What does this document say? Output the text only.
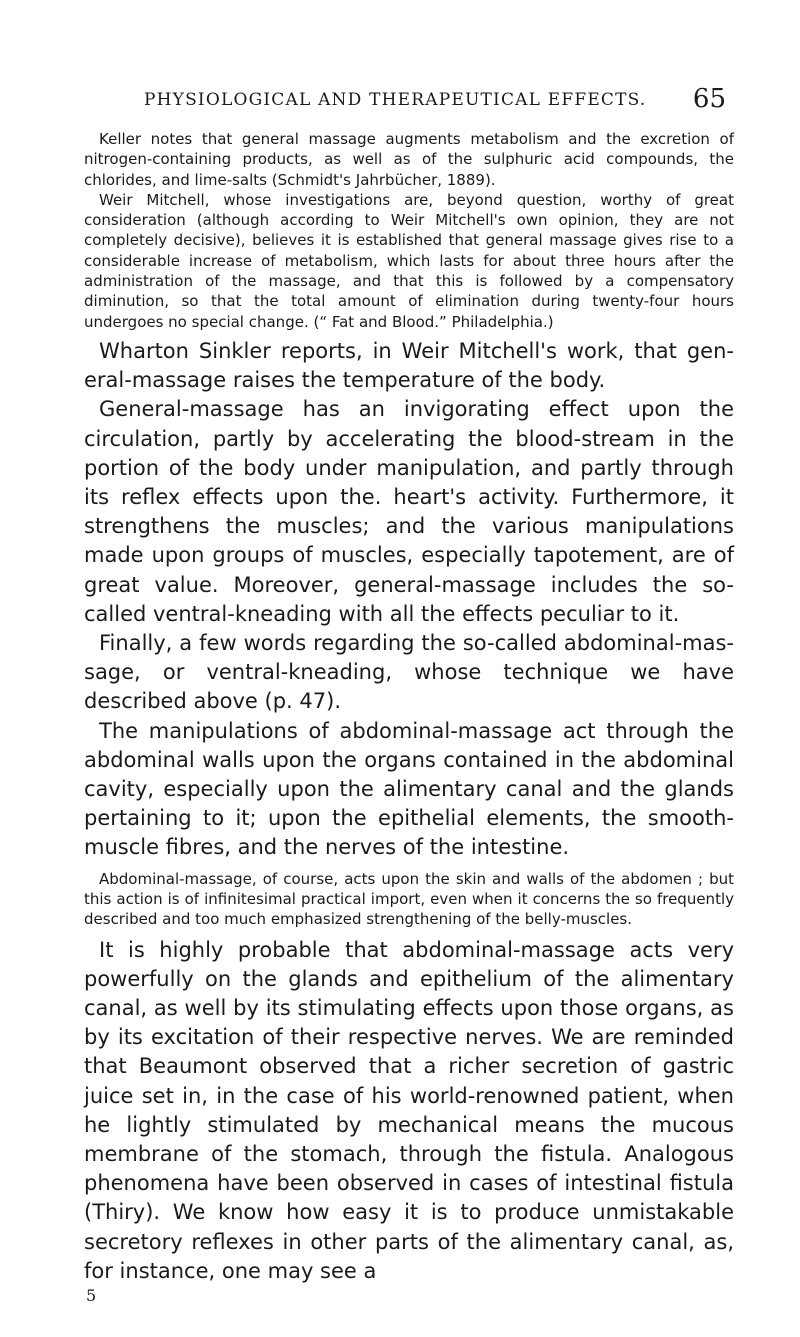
PHYSIOLOGICAL AND THERAPEUTICAL EFFECTS. 65

Keller notes that general massage augments metabolism and the excretion of nitrogen-containing products, as well as of the sulphuric acid compounds, the chlorides, and lime-salts (Schmidt's Jahrbücher, 1889).

Weir Mitchell, whose investigations are, beyond question, worthy of great consideration (although according to Weir Mitchell's own opinion, they are not completely decisive), believes it is established that general massage gives rise to a considerable increase of metabolism, which lasts for about three hours after the administration of the massage, and that this is followed by a compensatory diminution, so that the total amount of elimination during twenty-four hours undergoes no special change. (“ Fat and Blood.” Philadelphia.)

Wharton Sinkler reports, in Weir Mitchell's work, that general-massage raises the temperature of the body.

General-massage has an invigorating effect upon the circulation, partly by accelerating the blood-stream in the portion of the body under manipulation, and partly through its reflex effects upon the. heart's activity. Furthermore, it strengthens the muscles; and the various manipulations made upon groups of muscles, especially tapotement, are of great value. Moreover, general-massage includes the so-called ventral-kneading with all the effects peculiar to it.

Finally, a few words regarding the so-called abdominal-massage, or ventral-kneading, whose technique we have described above (p. 47).

The manipulations of abdominal-massage act through the abdominal walls upon the organs contained in the abdominal cavity, especially upon the alimentary canal and the glands pertaining to it; upon the epithelial elements, the smooth-muscle fibres, and the nerves of the intestine.

Abdominal-massage, of course, acts upon the skin and walls of the abdomen ; but this action is of infinitesimal practical import, even when it concerns the so frequently described and too much emphasized strengthening of the belly-muscles.

It is highly probable that abdominal-massage acts very powerfully on the glands and epithelium of the alimentary canal, as well by its stimulating effects upon those organs, as by its excitation of their respective nerves. We are reminded that Beaumont observed that a richer secretion of gastric juice set in, in the case of his world-renowned patient, when he lightly stimulated by mechanical means the mucous membrane of the stomach, through the fistula. Analogous phenomena have been observed in cases of intestinal fistula (Thiry). We know how easy it is to produce unmistakable secretory reflexes in other parts of the alimentary canal, as, for instance, one may see a

5
